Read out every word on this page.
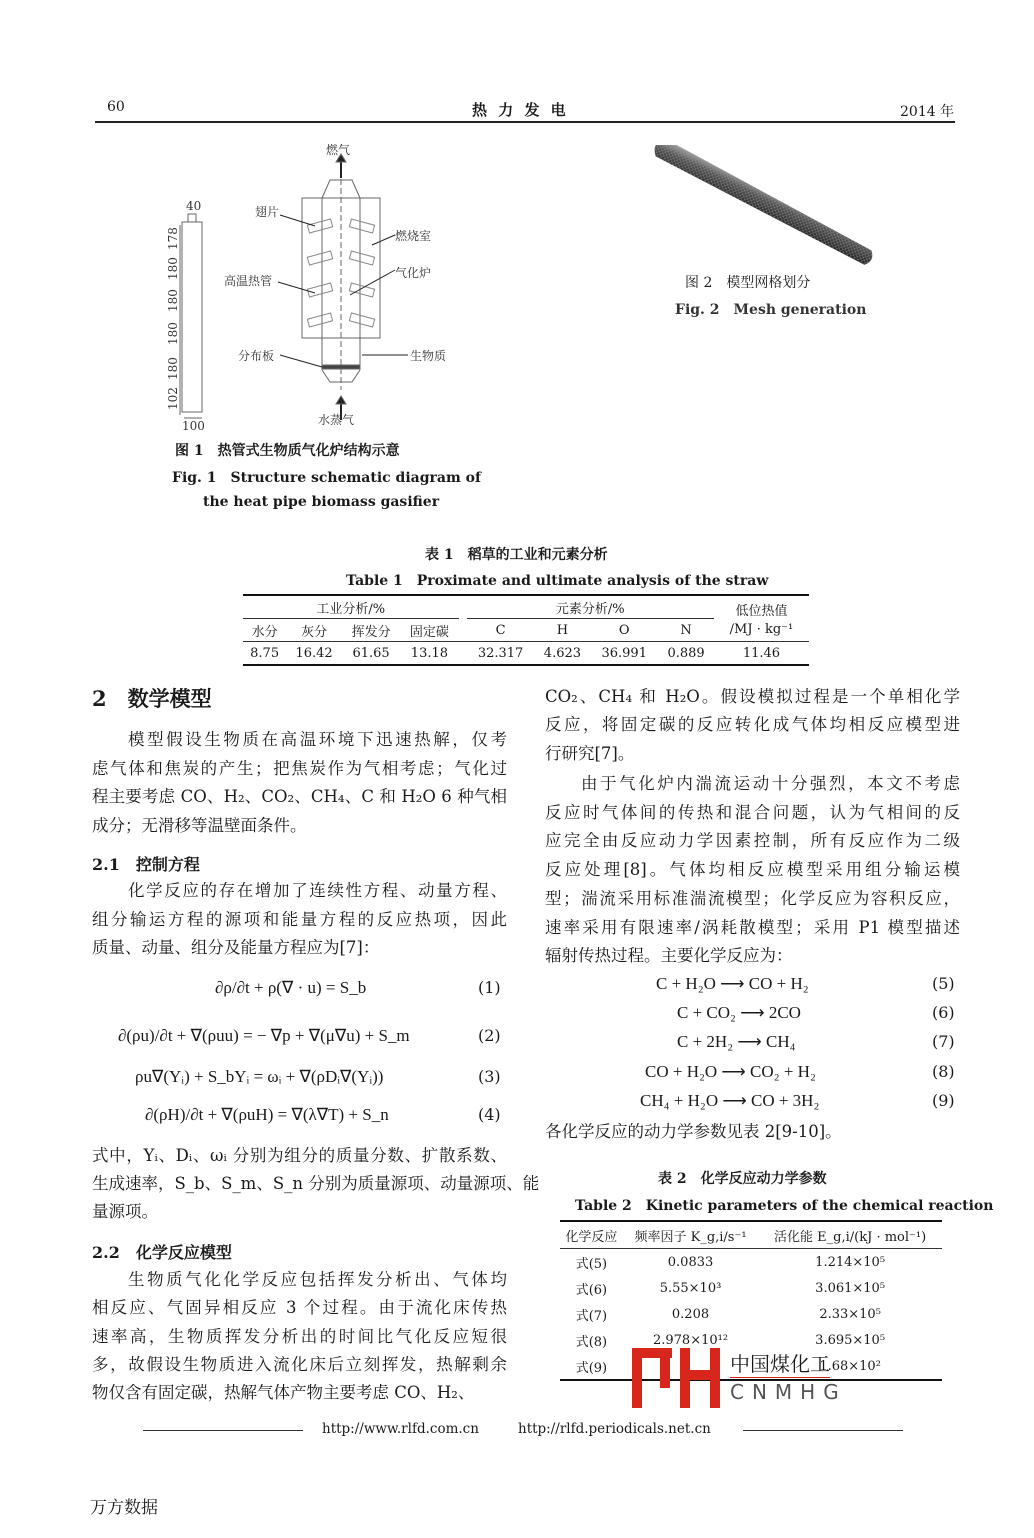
60	热 力 发 电	2014 年
燃气
翅片
燃烧室
高温热管
气化炉
分布板	生物质
水蒸气
40
100
178
180
180
180
180
102
图 1　热管式生物质气化炉结构示意
Fig. 1　Structure schematic diagram of
the heat pipe biomass gasifier
图 2　模型网格划分
Fig. 2　Mesh generation
表 1　稻草的工业和元素分析
Table 1　Proximate and ultimate analysis of the straw
工业分析/%					元素分析/%				低位热值
水分	灰分	挥发分	固定碳		C	H	O	N	/MJ · kg⁻¹
8.75	16.42	61.65	13.18		32.317	4.623	36.991	0.889	11.46
2　数学模型
模型假设生物质在高温环境下迅速热解，仅考
虑气体和焦炭的产生；把焦炭作为气相考虑；气化过
程主要考虑 CO、H₂、CO₂、CH₄、C 和 H₂O 6 种气相
成分；无滑移等温壁面条件。
2.1　控制方程
化学反应的存在增加了连续性方程、动量方程、
组分输运方程的源项和能量方程的反应热项，因此
质量、动量、组分及能量方程应为[7]：
∂ρ/∂t + ρ(∇ · u) = S_b	(1)
∂(ρu)/∂t + ∇(ρuu) = − ∇p + ∇(μ∇u) + S_m	(2)
ρu∇(Yᵢ) + S_bYᵢ = ωᵢ + ∇(ρDᵢ∇(Yᵢ))	(3)
∂(ρH)/∂t + ∇(ρuH) = ∇(λ∇T) + S_n	(4)
式中，Yᵢ、Dᵢ、ωᵢ 分别为组分的质量分数、扩散系数、
生成速率，S_b、S_m、S_n 分别为质量源项、动量源项、能
量源项。
2.2　化学反应模型
生物质气化化学反应包括挥发分析出、气体均
相反应、气固异相反应 3 个过程。由于流化床传热
速率高，生物质挥发分析出的时间比气化反应短很
多，故假设生物质进入流化床后立刻挥发，热解剩余
物仅含有固定碳，热解气体产物主要考虑 CO、H₂、
CO₂、CH₄ 和 H₂O。假设模拟过程是一个单相化学
反应，将固定碳的反应转化成气体均相反应模型进
行研究[7]。
由于气化炉内湍流运动十分强烈，本文不考虑
反应时气体间的传热和混合问题，认为气相间的反
应完全由反应动力学因素控制，所有反应作为二级
反应处理[8]。气体均相反应模型采用组分输运模
型；湍流采用标准湍流模型；化学反应为容积反应，
速率采用有限速率/涡耗散模型；采用 P1 模型描述
辐射传热过程。主要化学反应为：
C + H₂O ⟶ CO + H₂	(5)
C + CO₂ ⟶ 2CO	(6)
C + 2H₂ ⟶ CH₄	(7)
CO + H₂O ⟶ CO₂ + H₂	(8)
CH₄ + H₂O ⟶ CO + 3H₂	(9)
各化学反应的动力学参数见表 2[9-10]。
表 2　化学反应动力学参数
Table 2　Kinetic parameters of the chemical reaction
化学反应	频率因子 K_g,i/s⁻¹	活化能 E_g,i/(kJ · mol⁻¹)
式(5)	0.0833	1.214×10⁵
式(6)	5.55×10³	3.061×10⁵
式(7)	0.208	2.33×10⁵
式(8)	2.978×10¹²	3.695×10⁵
式(9)		1.68×10²
中国煤化工
CNMHG
http://www.rlfd.com.cn	http://rlfd.periodicals.net.cn
万方数据
